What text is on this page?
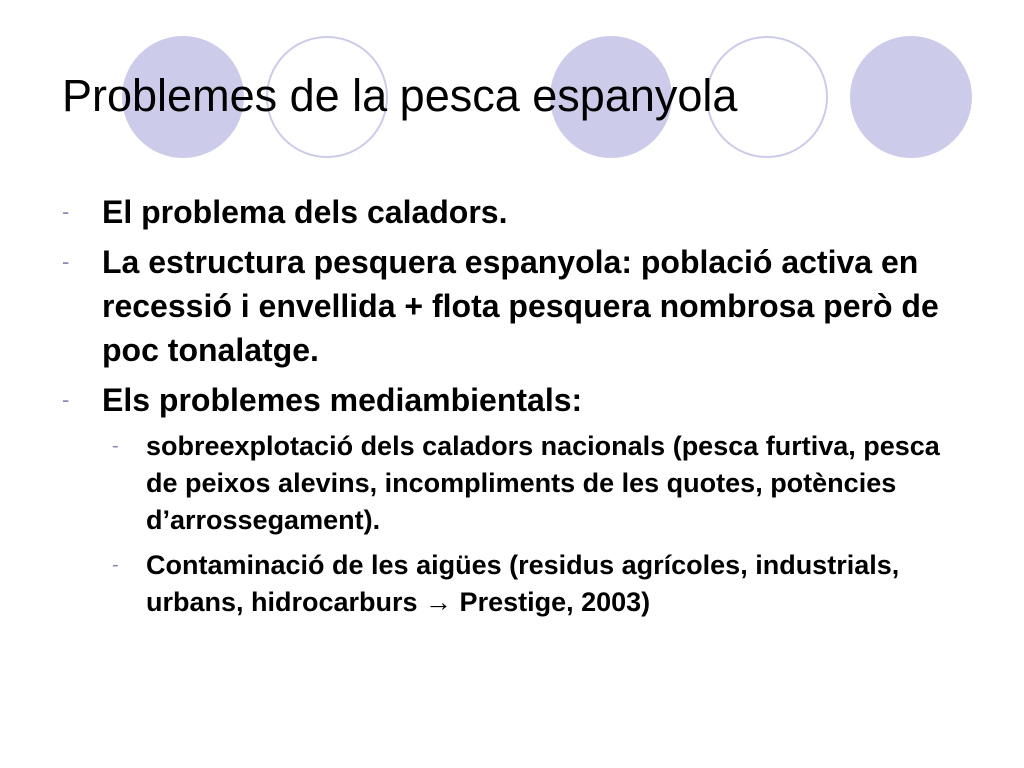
Problemes de la pesca espanyola
- El problema dels caladors.
- La estructura pesquera espanyola: població activa en recessió i envellida + flota pesquera nombrosa però de poc tonalatge.
- Els problemes mediambientals:
- sobreexplotació dels caladors nacionals (pesca furtiva, pesca de peixos alevins, incompliments de les quotes, potències d’arrossegament).
- Contaminació de les aigües (residus agrícoles, industrials, urbans, hidrocarburs → Prestige, 2003)
